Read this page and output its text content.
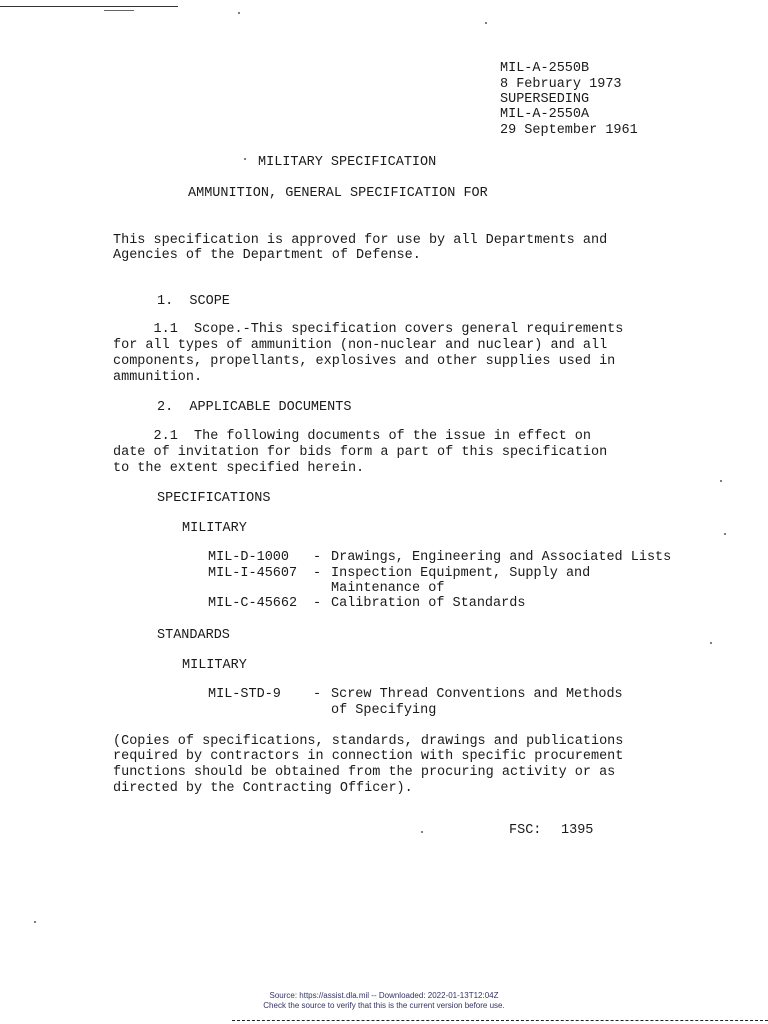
MIL-A-2550B
8 February 1973
SUPERSEDING
MIL-A-2550A
29 September 1961
MILITARY SPECIFICATION
AMMUNITION, GENERAL SPECIFICATION FOR
This specification is approved for use by all Departments and
Agencies of the Department of Defense.
1.  SCOPE
1.1  Scope.-This specification covers general requirements
for all types of ammunition (non-nuclear and nuclear) and all
components, propellants, explosives and other supplies used in
ammunition.
2.  APPLICABLE DOCUMENTS
2.1  The following documents of the issue in effect on
date of invitation for bids form a part of this specification
to the extent specified herein.
SPECIFICATIONS
MILITARY
MIL-D-1000 - Drawings, Engineering and Associated Lists
MIL-I-45607 - Inspection Equipment, Supply and
Maintenance of
MIL-C-45662 - Calibration of Standards
STANDARDS
MILITARY
MIL-STD-9 - Screw Thread Conventions and Methods
of Specifying
(Copies of specifications, standards, drawings and publications
required by contractors in connection with specific procurement
functions should be obtained from the procuring activity or as
directed by the Contracting Officer).
FSC: 1395
Source: https://assist.dla.mil -- Downloaded: 2022-01-13T12:04Z
Check the source to verify that this is the current version before use.
